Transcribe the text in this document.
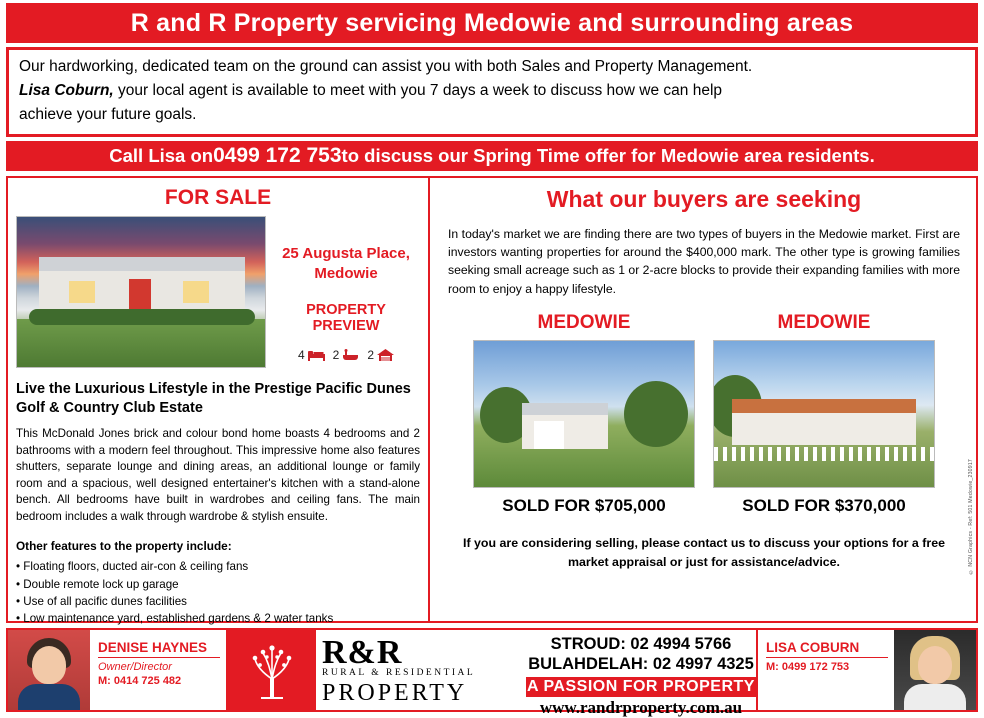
R and R Property servicing Medowie and surrounding areas

Our hardworking, dedicated team on the ground can assist you with both Sales and Property Management.

Lisa Coburn, your local agent is available to meet with you 7 days a week to discuss how we can help

achieve your future goals.

Call Lisa on 0499 172 753 to discuss our Spring Time offer for Medowie area residents.
FOR SALE
25 Augusta Place, Medowie
PROPERTY PREVIEW
4 2 2
Live the Luxurious Lifestyle in the Prestige Pacific Dunes Golf & Country Club Estate

This McDonald Jones brick and colour bond home boasts 4 bedrooms and 2 bathrooms with a modern feel throughout. This impressive home also features shutters, separate lounge and dining areas, an additional lounge or family room and a spacious, well designed entertainer's kitchen with a stand-alone bench. All bedrooms have built in wardrobes and ceiling fans. The main bedroom includes a walk through wardrobe & stylish ensuite.

Other features to the property include:
• Floating floors, ducted air-con & ceiling fans
• Double remote lock up garage
• Use of all pacific dunes facilities
• Low maintenance yard, established gardens & 2 water tanks
What our buyers are seeking

In today's market we are finding there are two types of buyers in the Medowie market. First are investors wanting properties for around the $400,000 mark. The other type is growing families seeking small acreage such as 1 or 2-acre blocks to provide their expanding families with more room to enjoy a happy lifestyle.

MEDOWIE
SOLD FOR $705,000
MEDOWIE
SOLD FOR $370,000
If you are considering selling, please contact us to discuss your options for a free market appraisal or just for assistance/advice.	© NCN Graphics - Ref: 501 Medowie_230917
DENISE HAYNES
Owner/Director
M: 0414 725 482
R&R
RURAL & RESIDENTIAL
PROPERTY
STROUD: 02 4994 5766
BULAHDELAH: 02 4997 4325
A PASSION FOR PROPERTY
www.randrproperty.com.au
LISA COBURN
M: 0499 172 753
